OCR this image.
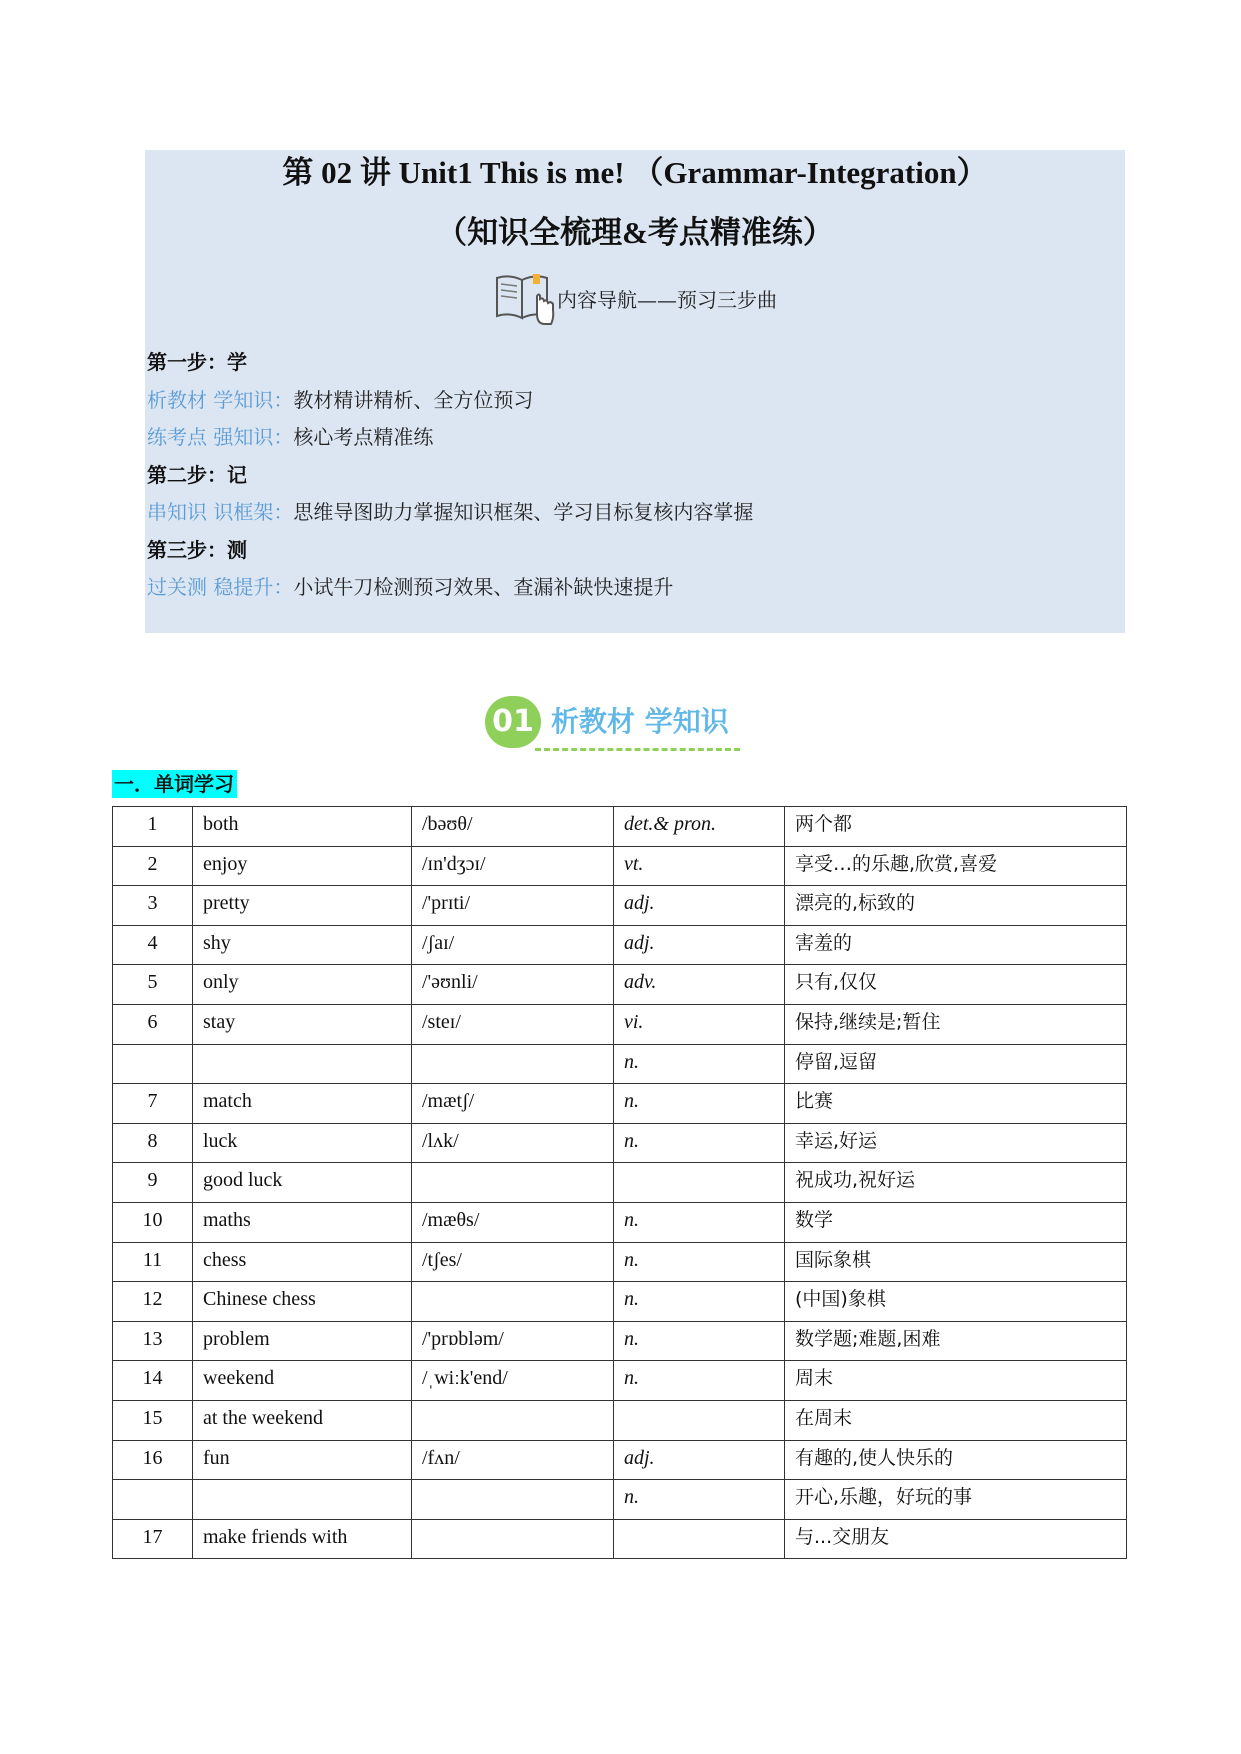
第 02 讲 Unit1 This is me! （Grammar-Integration）
（知识全梳理&考点精准练）
内容导航——预习三步曲
第一步：学
析教材 学知识：教材精讲精析、全方位预习
练考点 强知识：核心考点精准练
第二步：记
串知识 识框架：思维导图助力掌握知识框架、学习目标复核内容掌握
第三步：测
过关测 稳提升：小试牛刀检测预习效果、查漏补缺快速提升
01 析教材 学知识
一．单词学习
1	both	/bəʊθ/	det.& pron.	两个都
2	enjoy	/ɪn'dʒɔɪ/	vt.	享受…的乐趣,欣赏,喜爱
3	pretty	/'prɪti/	adj.	漂亮的,标致的
4	shy	/ʃaɪ/	adj.	害羞的
5	only	/'əʊnli/	adv.	只有,仅仅
6	stay	/steɪ/	vi.	保持,继续是;暂住
			n.	停留,逗留
7	match	/mætʃ/	n.	比赛
8	luck	/lʌk/	n.	幸运,好运
9	good luck			祝成功,祝好运
10	maths	/mæθs/	n.	数学
11	chess	/tʃes/	n.	国际象棋
12	Chinese chess		n.	(中国)象棋
13	problem	/'prɒbləm/	n.	数学题;难题,困难
14	weekend	/ˌwiːk'end/	n.	周末
15	at the weekend			在周末
16	fun	/fʌn/	adj.	有趣的,使人快乐的
			n.	开心,乐趣，好玩的事
17	make friends with			与...交朋友
